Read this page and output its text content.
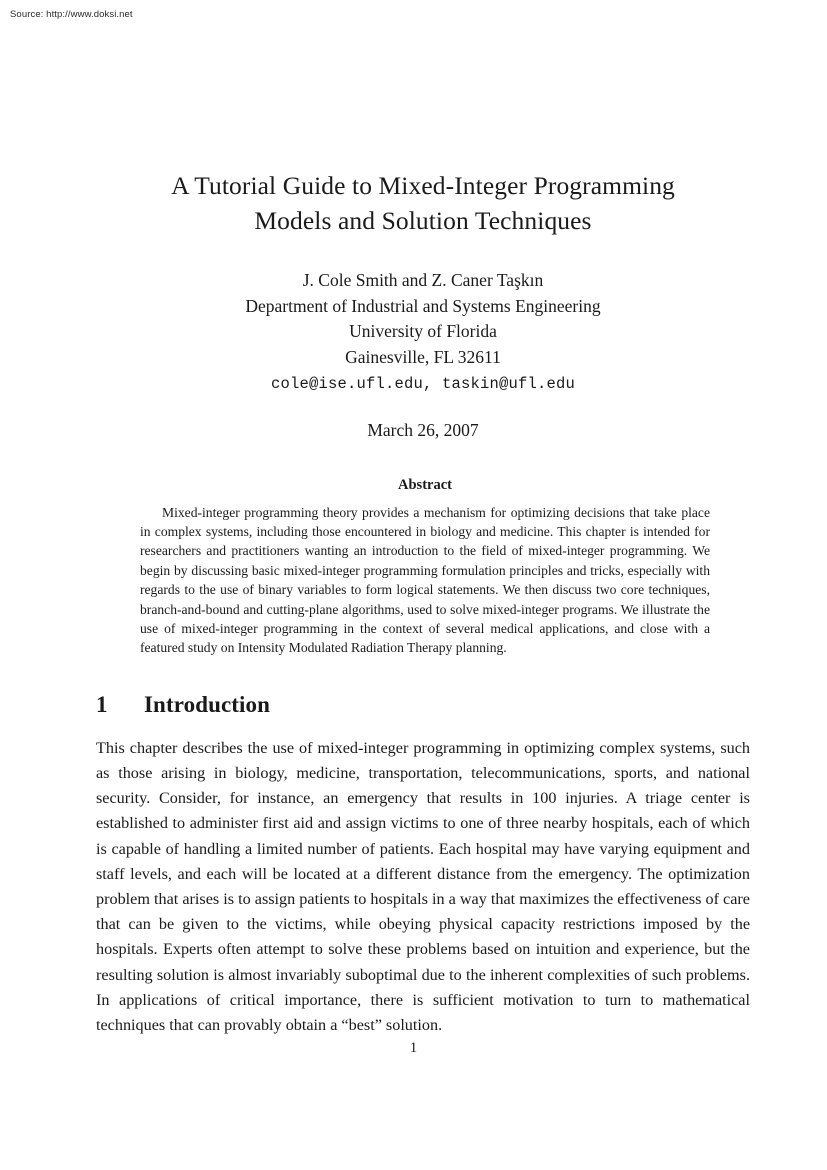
Source: http://www.doksi.net
A Tutorial Guide to Mixed-Integer Programming
Models and Solution Techniques
J. Cole Smith and Z. Caner Taşkın
Department of Industrial and Systems Engineering
University of Florida
Gainesville, FL 32611
cole@ise.ufl.edu, taskin@ufl.edu
March 26, 2007
Abstract
Mixed-integer programming theory provides a mechanism for optimizing decisions that take place in complex systems, including those encountered in biology and medicine. This chapter is intended for researchers and practitioners wanting an introduction to the field of mixed-integer programming. We begin by discussing basic mixed-integer programming formulation principles and tricks, especially with regards to the use of binary variables to form logical statements. We then discuss two core techniques, branch-and-bound and cutting-plane algorithms, used to solve mixed-integer programs. We illustrate the use of mixed-integer programming in the context of several medical applications, and close with a featured study on Intensity Modulated Radiation Therapy planning.
1 Introduction

This chapter describes the use of mixed-integer programming in optimizing complex systems, such as those arising in biology, medicine, transportation, telecommunications, sports, and national security. Consider, for instance, an emergency that results in 100 injuries. A triage center is established to administer first aid and assign victims to one of three nearby hospitals, each of which is capable of handling a limited number of patients. Each hospital may have varying equipment and staff levels, and each will be located at a different distance from the emergency. The optimization problem that arises is to assign patients to hospitals in a way that maximizes the effectiveness of care that can be given to the victims, while obeying physical capacity restrictions imposed by the hospitals. Experts often attempt to solve these problems based on intuition and experience, but the resulting solution is almost invariably suboptimal due to the inherent complexities of such problems. In applications of critical importance, there is sufficient motivation to turn to mathematical techniques that can provably obtain a “best” solution.

1
